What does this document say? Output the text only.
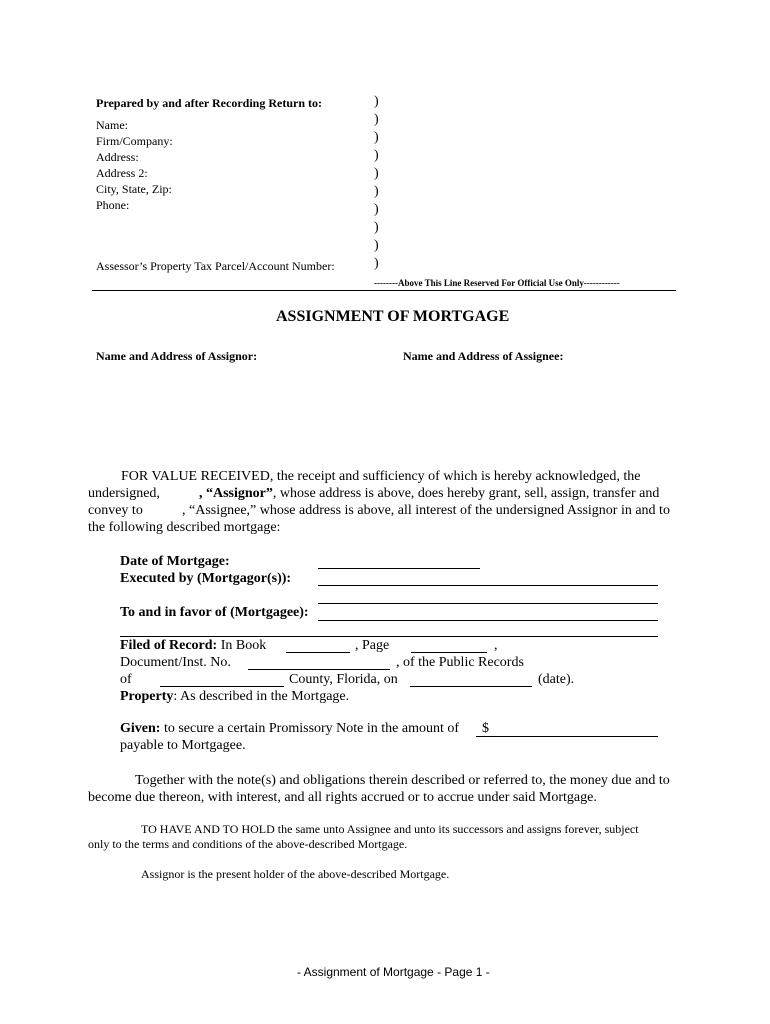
Prepared by and after Recording Return to:
Name:
Firm/Company:
Address:
Address 2:
City, State, Zip:
Phone:
Assessor’s Property Tax Parcel/Account Number:
)
)
)
)
)
)
)
)
)
)
--------Above This Line Reserved For Official Use Only------------
ASSIGNMENT OF MORTGAGE
Name and Address of Assignor:	Name and Address of Assignee:
FOR VALUE RECEIVED, the receipt and sufficiency of which is hereby acknowledged, the
undersigned,	, “Assignor”, whose address is above, does hereby grant, sell, assign, transfer and
convey to	, “Assignee,” whose address is above, all interest of the undersigned Assignor in and to
the following described mortgage:
Date of Mortgage:
Executed by (Mortgagor(s)):
To and in favor of (Mortgagee):
Filed of Record: In Book	, Page	,
Document/Inst. No.	, of the Public Records
of	County, Florida, on	(date).
Property: As described in the Mortgage.
Given: to secure a certain Promissory Note in the amount of $
payable to Mortgagee.
Together with the note(s) and obligations therein described or referred to, the money due and to
become due thereon, with interest, and all rights accrued or to accrue under said Mortgage.
TO HAVE AND TO HOLD the same unto Assignee and unto its successors and assigns forever, subject
only to the terms and conditions of the above-described Mortgage.
Assignor is the present holder of the above-described Mortgage.
- Assignment of Mortgage - Page 1 -
